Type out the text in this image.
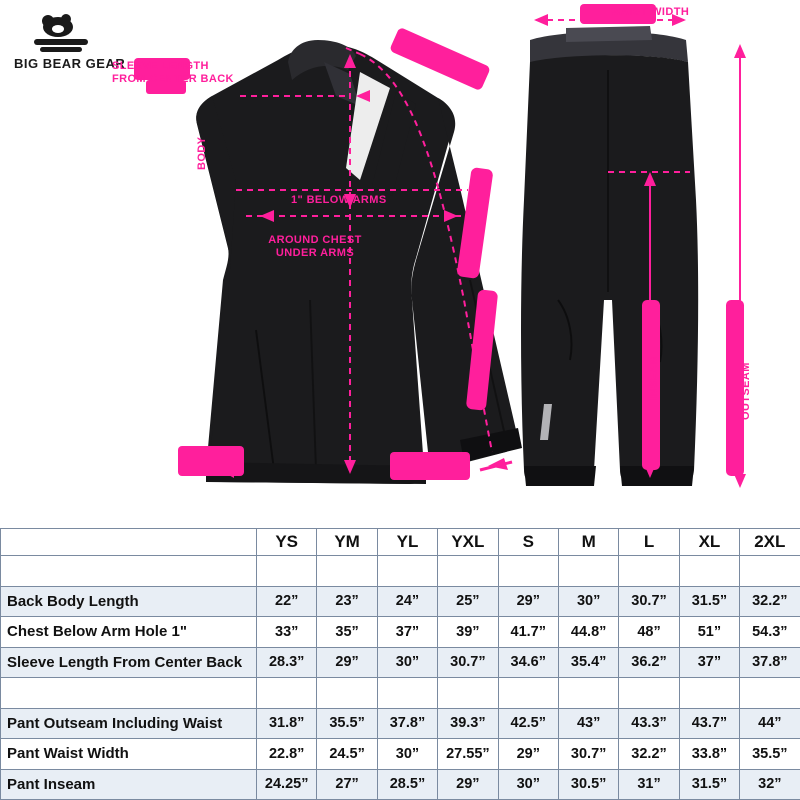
BIG BEAR GEAR
SLEEVE LENGTH
FROM CENTER BACK
BODY
1" BELOW ARMS
AROUND CHEST
UNDER ARMS
WAIST WIDTH
INSEAM	OUTSEAM
	YS	YM	YL	YXL	S	M	L	XL	2XL

Back Body Length	22”	23”	24”	25”	29”	30”	30.7”	31.5”	32.2”
Chest Below Arm Hole 1"	33”	35”	37”	39”	41.7”	44.8”	48”	51”	54.3”
Sleeve Length From Center Back	28.3”	29”	30”	30.7”	34.6”	35.4”	36.2”	37”	37.8”

Pant Outseam Including Waist	31.8”	35.5”	37.8”	39.3”	42.5”	43”	43.3”	43.7”	44”
Pant Waist Width	22.8”	24.5”	30”	27.55”	29”	30.7”	32.2”	33.8”	35.5”
Pant Inseam	24.25”	27”	28.5”	29”	30”	30.5”	31”	31.5”	32”
